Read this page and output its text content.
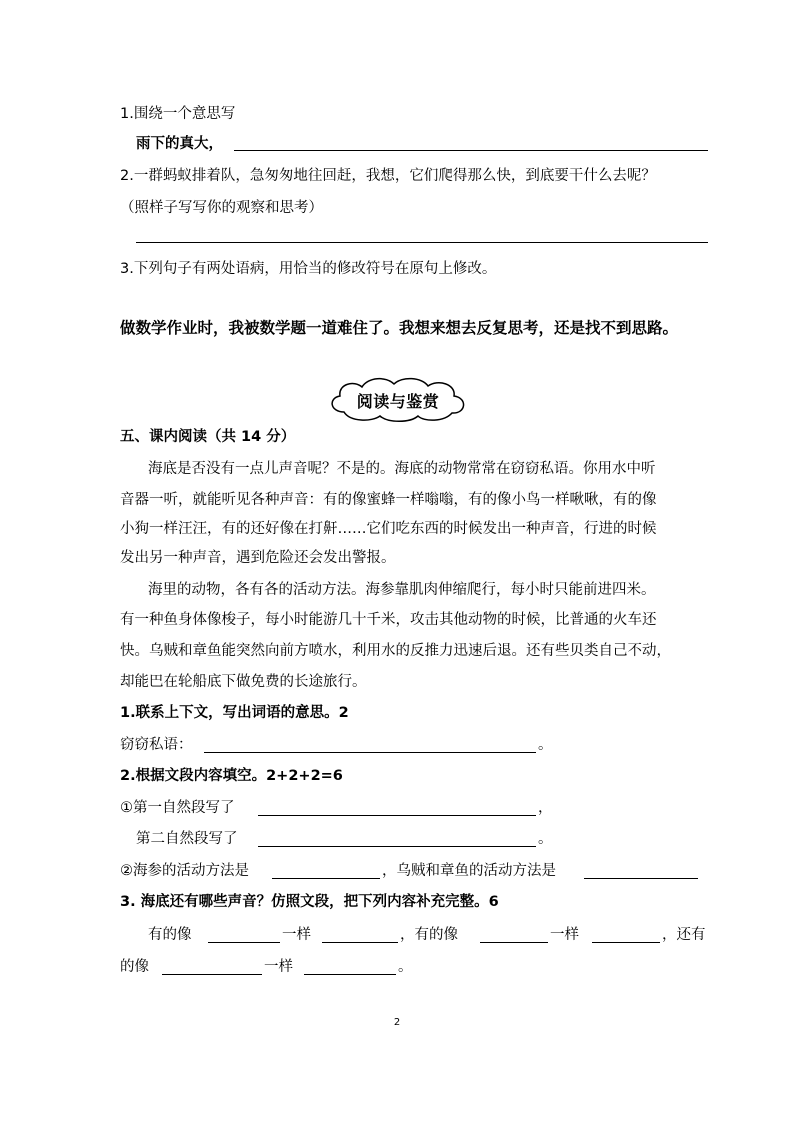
1.围绕一个意思写
雨下的真大，
2.一群蚂蚁排着队，急匆匆地往回赶，我想，它们爬得那么快，到底要干什么去呢？
（照样子写写你的观察和思考）
3.下列句子有两处语病，用恰当的修改符号在原句上修改。
做数学作业时，我被数学题一道难住了。我想来想去反复思考，还是找不到思路。
阅读与鉴赏
五、课内阅读（共 14 分）
海底是否没有一点儿声音呢？不是的。海底的动物常常在窃窃私语。你用水中听
音器一听，就能听见各种声音：有的像蜜蜂一样嗡嗡，有的像小鸟一样啾啾，有的像
小狗一样汪汪，有的还好像在打鼾……它们吃东西的时候发出一种声音，行进的时候
发出另一种声音，遇到危险还会发出警报。
海里的动物，各有各的活动方法。海参靠肌肉伸缩爬行，每小时只能前进四米。
有一种鱼身体像梭子，每小时能游几十千米，攻击其他动物的时候，比普通的火车还
快。乌贼和章鱼能突然向前方喷水，利用水的反推力迅速后退。还有些贝类自己不动，
却能巴在轮船底下做免费的长途旅行。
1.联系上下文，写出词语的意思。2
窃窃私语：	。
2.根据文段内容填空。2+2+2=6
①第一自然段写了	，
第二自然段写了	。
②海参的活动方法是	，乌贼和章鱼的活动方法是
3. 海底还有哪些声音？仿照文段，把下列内容补充完整。6
有的像	一样	，有的像	一样	，还有
的像	一样	。
2
